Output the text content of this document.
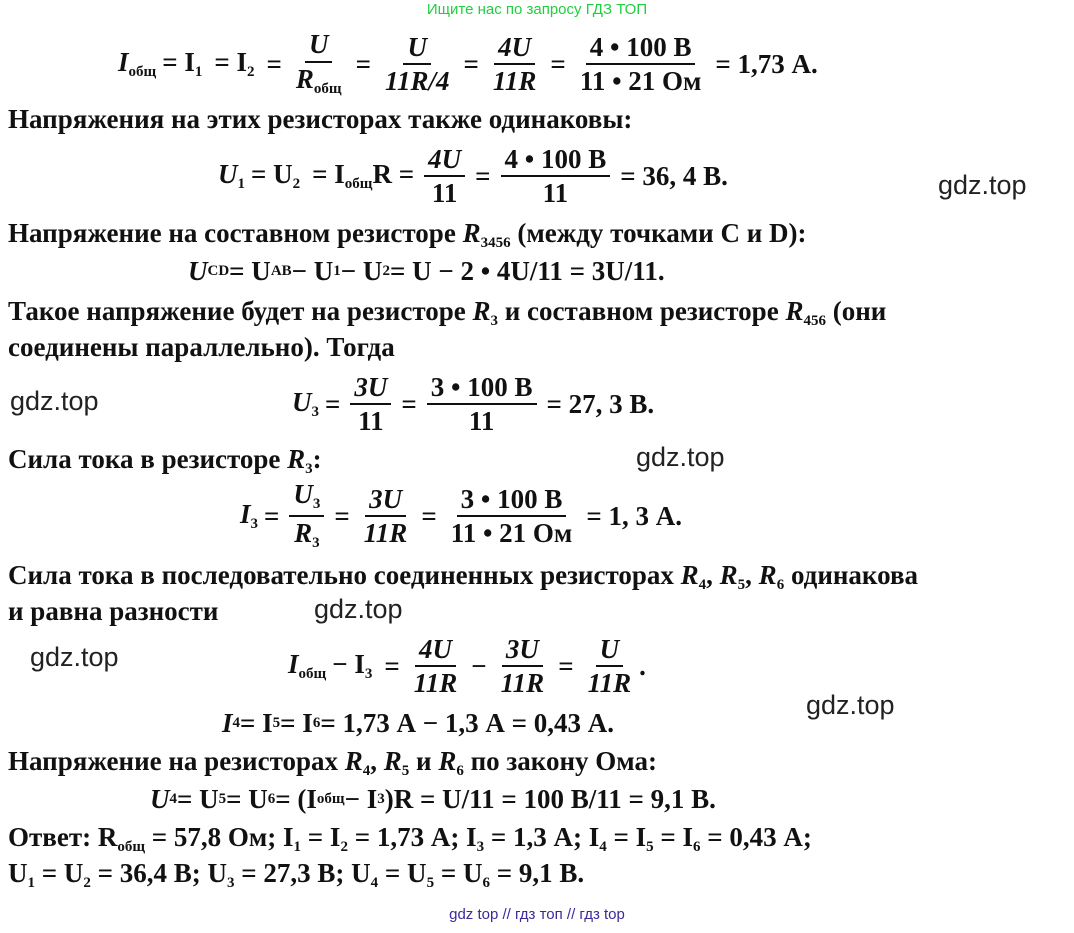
Ищите нас по запросу ГДЗ ТОП
$I_{общ} = I_1 = I_2 = \frac{U}{R_{общ}} = \frac{U}{11R/4} = \frac{4U}{11R} = \frac{4 • 100 В}{11 • 21 Ом} = 1,73$ А.
Напряжения на этих резисторах также одинаковы:
$U_1 = U_2 = I_{общ}R = \frac{4U}{11} = \frac{4 • 100 В}{11} = 36$, 4 В.
Напряжение на составном резисторе $R_{3456}$ (между точками C и D):
U CD = U AB − U 1 − U 2 = U − 2 • 4U/11 = 3U/11.
Такое напряжение будет на резисторе $R_3$ и составном резисторе $R_{456}$ (они
соединены параллельно). Тогда
$U_3 = \frac{3U}{11} = \frac{3 • 100 В}{11} = 27$, 3 В.
Сила тока в резисторе $R_3$:
$I_3 = \frac{U_3}{R_3} = \frac{3U}{11R} = \frac{3 • 100 В}{11 • 21 Ом} = 1$, 3 А.
Сила тока в последовательно соединенных резисторах $R_4$, $R_5$, $R_6$ одинакова
и равна разности
$I_{общ} - I_3 = \frac{4U}{11R} - \frac{3U}{11R} = \frac{U}{11R}$ .
I 4 = I 5 = I 6 = 1,73 А − 1,3 А = 0,43 А.
Напряжение на резисторах $R_4$, $R_5$ и $R_6$ по закону Ома:
U 4 = U 5 = U 6 = (I общ − I 3 )R = U/11 = 100 В/11 = 9,1 В.
Ответ: $R_{общ} = 57,8$ Ом; $I_1 = I_2 = 1,73$ А; $I_3 = 1,3$ А; $I_4 = I_5 = I_6 = 0,43$ А;
$U_1 = U_2 = 36,4$ В; $U_3 = 27,3$ В; $U_4 = U_5 = U_6 = 9,1$ В.
gdz.top
gdz.top
gdz.top
gdz.top
gdz.top
gdz.top
gdz top // гдз топ // гдз top
